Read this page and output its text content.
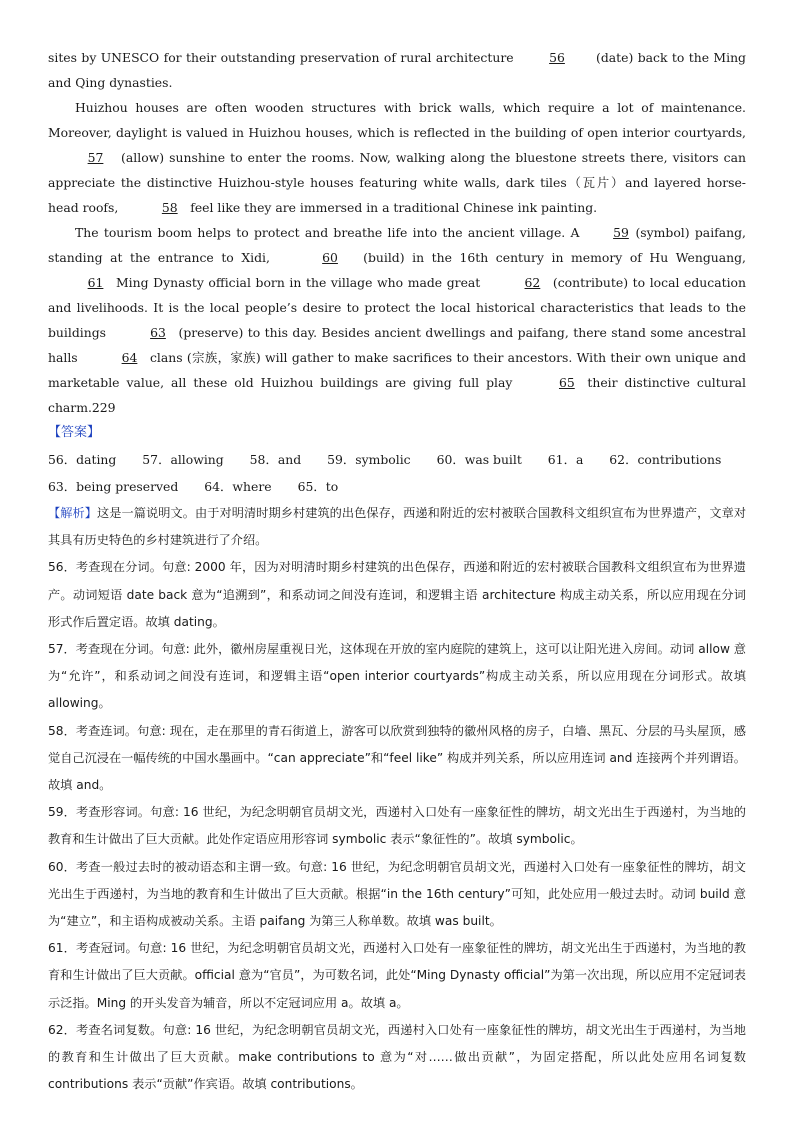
sites by UNESCO for their outstanding preservation of rural architecture	56	(date) back to the Ming and Qing dynasties.

Huizhou houses are often wooden structures with brick walls, which require a lot of maintenance. Moreover, daylight is valued in Huizhou houses, which is reflected in the building of open interior courtyards, 57 (allow) sunshine to enter the rooms. Now, walking along the bluestone streets there, visitors can appreciate the distinctive Huizhou-style houses featuring white walls, dark tiles（瓦片）and layered horse-head roofs,	58 feel like they are immersed in a traditional Chinese ink painting.

The tourism boom helps to protect and breathe life into the ancient village. A	59 (symbol) paifang, standing at the entrance to Xidi,	60 (build) in the 16th century in memory of Hu Wenguang, 61 Ming Dynasty official born in the village who made great	62 (contribute) to local education and livelihoods. It is the local people’s desire to protect the local historical characteristics that leads to the buildings	63 (preserve) to this day. Besides ancient dwellings and paifang, there stand some ancestral halls	64 clans (宗族，家族) will gather to make sacrifices to their ancestors. With their own unique and marketable value, all these old Huizhou buildings are giving full play	65 their distinctive cultural charm.229

【答案】
56．dating 57．allowing 58．and 59．symbolic 60．was built 61．a 62．contributions
63．being preserved 64．where 65．to

【解析】这是一篇说明文。由于对明清时期乡村建筑的出色保存，西递和附近的宏村被联合国教科文组织宣布为世界遗产，文章对其具有历史特色的乡村建筑进行了介绍。

56．考查现在分词。句意: 2000 年，因为对明清时期乡村建筑的出色保存，西递和附近的宏村被联合国教科文组织宣布为世界遗产。动词短语 date back 意为“追溯到”，和系动词之间没有连词，和逻辑主语 architecture 构成主动关系，所以应用现在分词形式作后置定语。故填 dating。

57．考查现在分词。句意: 此外，徽州房屋重视日光，这体现在开放的室内庭院的建筑上，这可以让阳光进入房间。动词 allow 意为“允许”，和系动词之间没有连词，和逻辑主语“open interior courtyards”构成主动关系，所以应用现在分词形式。故填 allowing。

58．考查连词。句意: 现在，走在那里的青石街道上，游客可以欣赏到独特的徽州风格的房子，白墙、黑瓦、分层的马头屋顶，感觉自己沉浸在一幅传统的中国水墨画中。“can appreciate”和“feel like” 构成并列关系，所以应用连词 and 连接两个并列谓语。故填 and。

59．考查形容词。句意: 16 世纪，为纪念明朝官员胡文光，西递村入口处有一座象征性的牌坊，胡文光出生于西递村，为当地的教育和生计做出了巨大贡献。此处作定语应用形容词 symbolic 表示“象征性的”。故填 symbolic。

60．考查一般过去时的被动语态和主谓一致。句意: 16 世纪，为纪念明朝官员胡文光，西递村入口处有一座象征性的牌坊，胡文光出生于西递村，为当地的教育和生计做出了巨大贡献。根据“in the 16th century”可知，此处应用一般过去时。动词 build 意为“建立”，和主语构成被动关系。主语 paifang 为第三人称单数。故填 was built。

61．考查冠词。句意: 16 世纪，为纪念明朝官员胡文光，西递村入口处有一座象征性的牌坊，胡文光出生于西递村，为当地的教育和生计做出了巨大贡献。official 意为“官员”，为可数名词，此处“Ming Dynasty official”为第一次出现，所以应用不定冠词表示泛指。Ming 的开头发音为辅音，所以不定冠词应用 a。故填 a。

62．考查名词复数。句意: 16 世纪，为纪念明朝官员胡文光，西递村入口处有一座象征性的牌坊，胡文光出生于西递村，为当地的教育和生计做出了巨大贡献。make contributions to 意为“对……做出贡献”，为固定搭配，所以此处应用名词复数 contributions 表示“贡献”作宾语。故填 contributions。
